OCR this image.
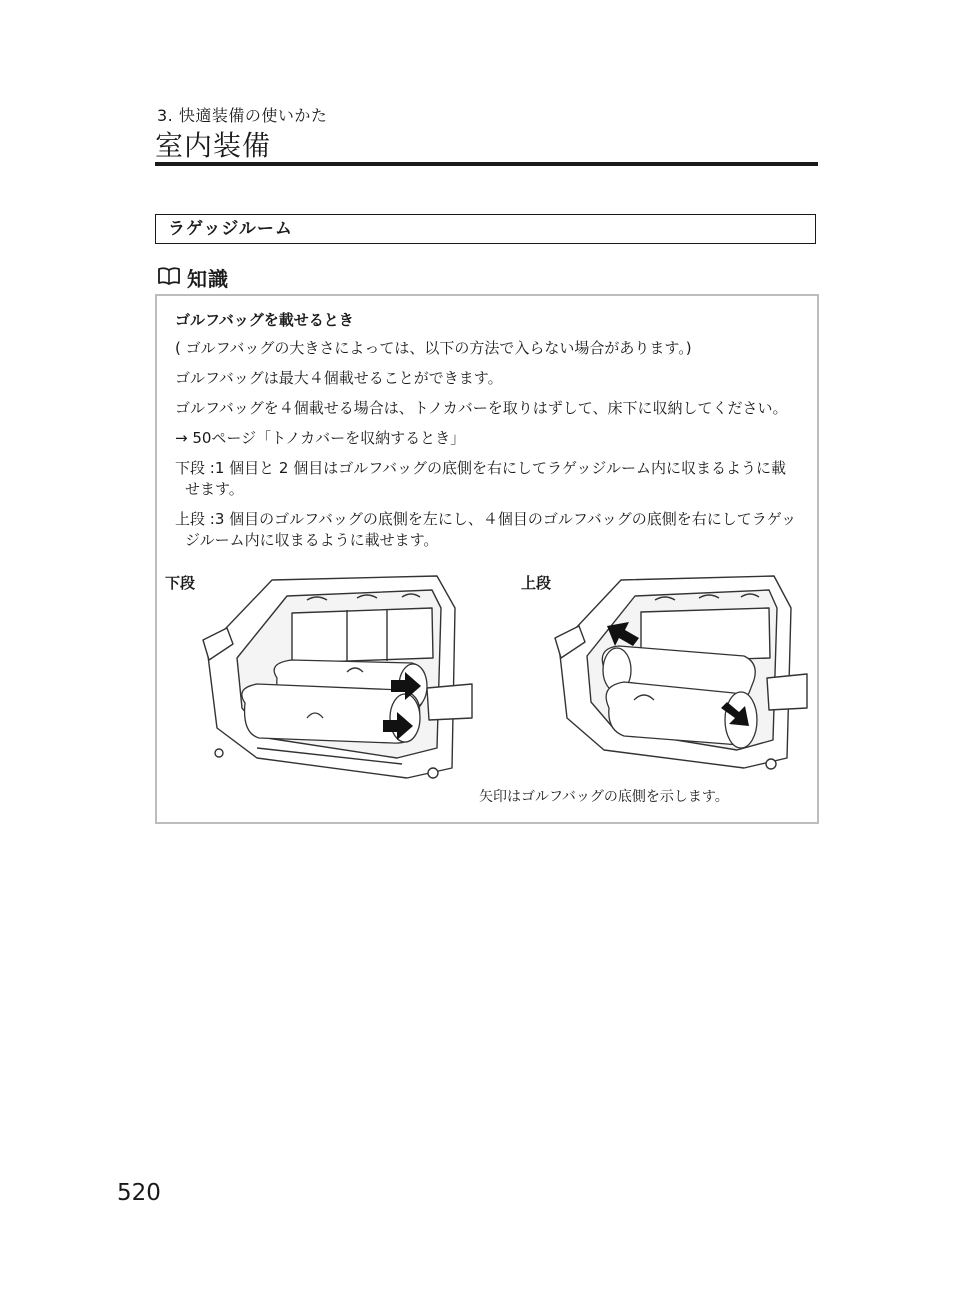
3. 快適装備の使いかた
室内装備
ラゲッジルーム
知識

ゴルフバッグを載せるとき

( ゴルフバッグの大きさによっては、以下の方法で入らない場合があります。)

ゴルフバッグは最大４個載せることができます。

ゴルフバッグを４個載せる場合は、トノカバーを取りはずして、床下に収納してください。

→ 50ページ「トノカバーを収納するとき」

下段 :1 個目と 2 個目はゴルフバッグの底側を右にしてラゲッジルーム内に収まるように載せます。

上段 :3 個目のゴルフバッグの底側を左にし、４個目のゴルフバッグの底側を右にしてラゲッジルーム内に収まるように載せます。

下段	上段
矢印はゴルフバッグの底側を示します。
520
